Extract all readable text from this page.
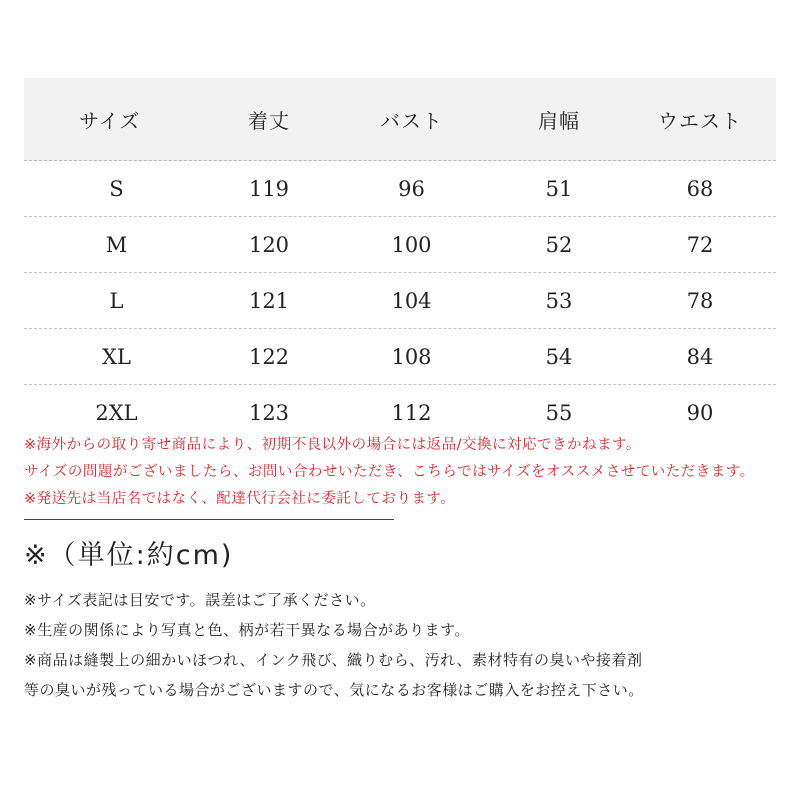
サイズ	着丈	バスト	肩幅	ウエスト
S	119	96	51	68
M	120	100	52	72
L	121	104	53	78
XL	122	108	54	84
2XL	123	112	55	90
※海外からの取り寄せ商品により、初期不良以外の場合には返品/交換に対応できかねます。
サイズの問題がございましたら、お問い合わせいただき、こちらではサイズをオススメさせていただきます。
※発送先は当店名ではなく、配達代行会社に委託しております。
※（単位:約cm)
※サイズ表記は目安です。誤差はご了承ください。
※生産の関係により写真と色、柄が若干異なる場合があります。
※商品は縫製上の細かいほつれ、インク飛び、織りむら、汚れ、素材特有の臭いや接着剤
等の臭いが残っている場合がございますので、気になるお客様はご購入をお控え下さい。
